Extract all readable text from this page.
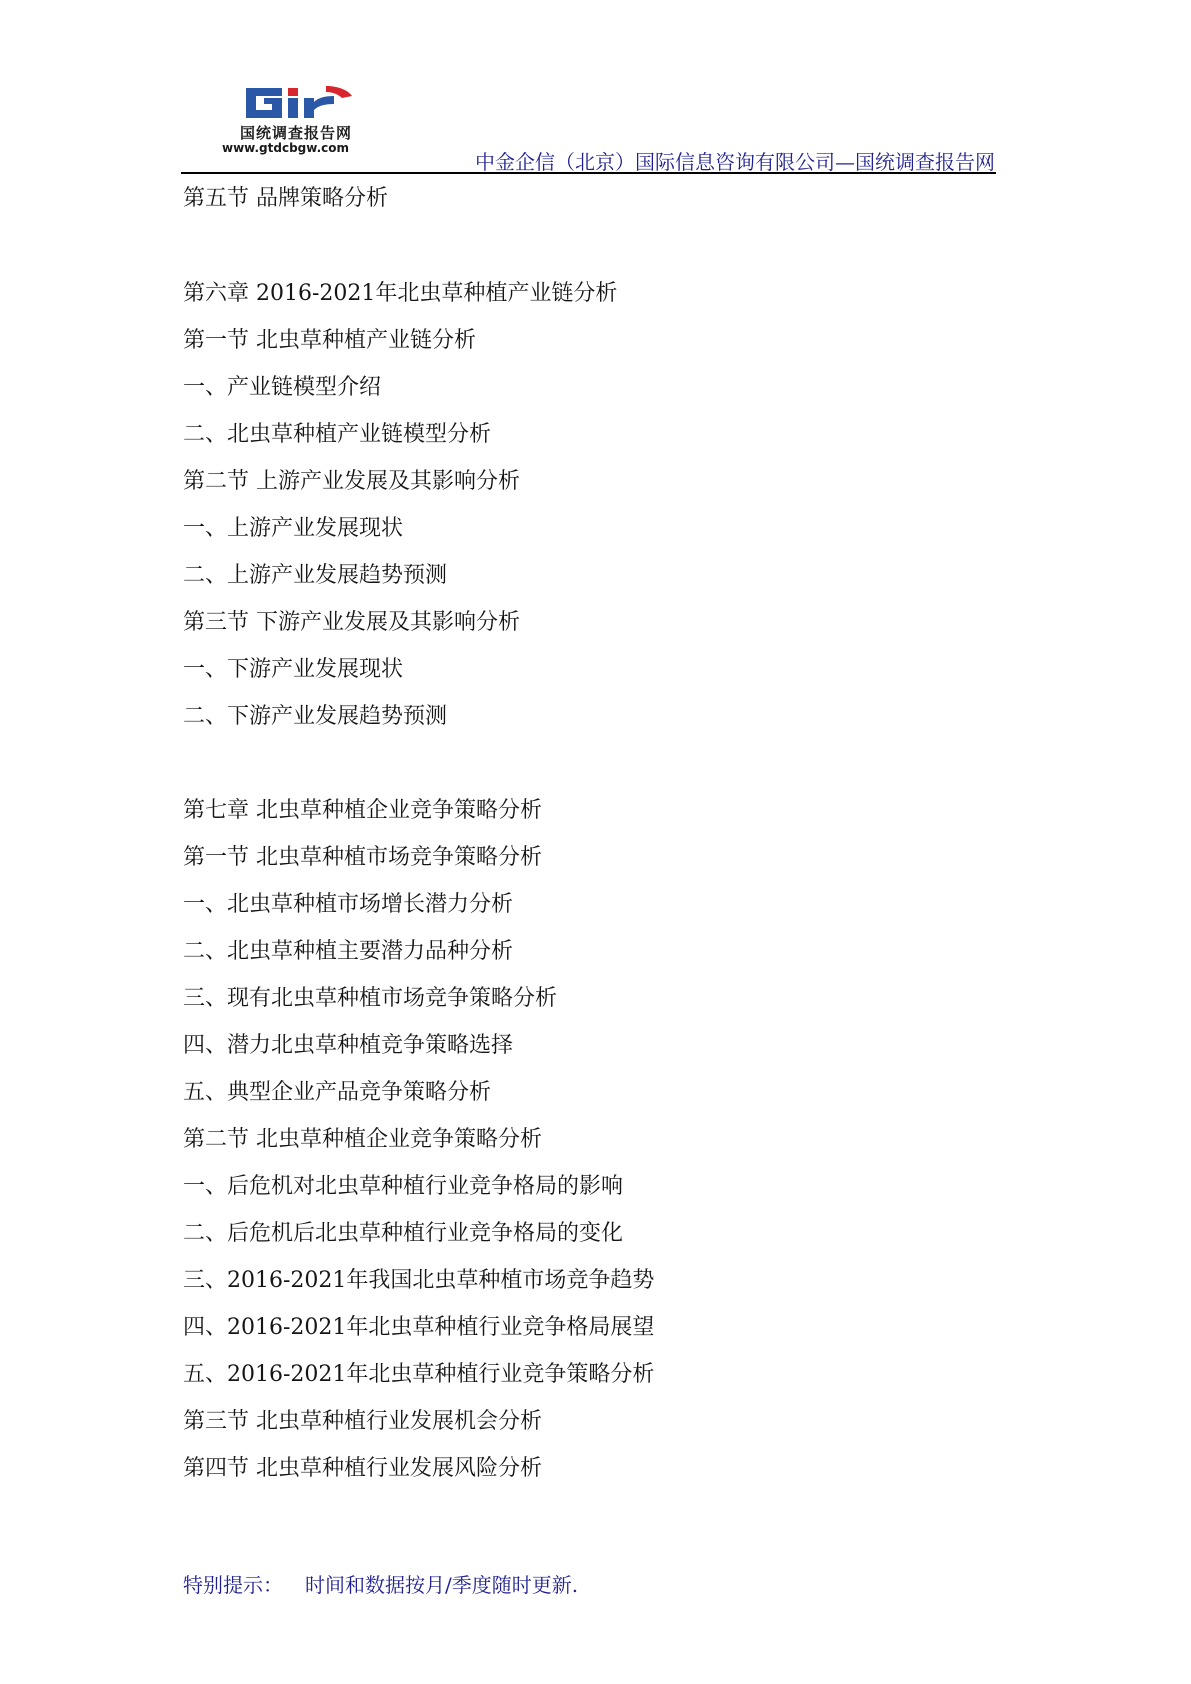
国统调查报告网
www.gtdcbgw.com
中金企信（北京）国际信息咨询有限公司—国统调查报告网
第五节 品牌策略分析
第六章 2016-2021年北虫草种植产业链分析
第一节 北虫草种植产业链分析
一、产业链模型介绍
二、北虫草种植产业链模型分析
第二节 上游产业发展及其影响分析
一、上游产业发展现状
二、上游产业发展趋势预测
第三节 下游产业发展及其影响分析
一、下游产业发展现状
二、下游产业发展趋势预测
第七章 北虫草种植企业竞争策略分析
第一节 北虫草种植市场竞争策略分析
一、北虫草种植市场增长潜力分析
二、北虫草种植主要潜力品种分析
三、现有北虫草种植市场竞争策略分析
四、潜力北虫草种植竞争策略选择
五、典型企业产品竞争策略分析
第二节 北虫草种植企业竞争策略分析
一、后危机对北虫草种植行业竞争格局的影响
二、后危机后北虫草种植行业竞争格局的变化
三、2016-2021年我国北虫草种植市场竞争趋势
四、2016-2021年北虫草种植行业竞争格局展望
五、2016-2021年北虫草种植行业竞争策略分析
第三节 北虫草种植行业发展机会分析
第四节 北虫草种植行业发展风险分析
特别提示： 时间和数据按月/季度随时更新.
